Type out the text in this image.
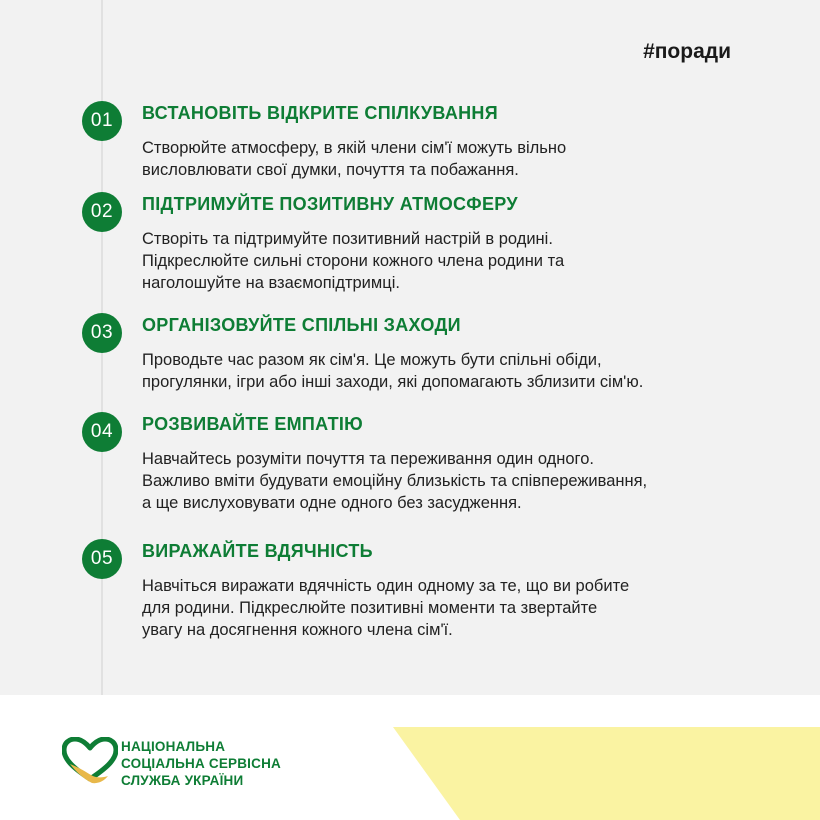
#поради
01	ВСТАНОВІТЬ ВІДКРИТЕ СПІЛКУВАННЯ
Створюйте атмосферу, в якій члени сім'ї можуть вільно
висловлювати свої думки, почуття та побажання.
02	ПІДТРИМУЙТЕ ПОЗИТИВНУ АТМОСФЕРУ
Створіть та підтримуйте позитивний настрій в родині.
Підкреслюйте сильні сторони кожного члена родини та
наголошуйте на взаємопідтримці.
03	ОРГАНІЗОВУЙТЕ СПІЛЬНІ ЗАХОДИ
Проводьте час разом як сім'я. Це можуть бути спільні обіди,
прогулянки, ігри або інші заходи, які допомагають зблизити сім'ю.
04	РОЗВИВАЙТЕ ЕМПАТІЮ
Навчайтесь розуміти почуття та переживання один одного.
Важливо вміти будувати емоційну близькість та співпереживання,
а ще вислуховувати одне одного без засудження.
05	ВИРАЖАЙТЕ ВДЯЧНІСТЬ
Навчіться виражати вдячність один одному за те, що ви робите
для родини. Підкреслюйте позитивні моменти та звертайте
увагу на досягнення кожного члена сім'ї.
НАЦІОНАЛЬНА
СОЦІАЛЬНА СЕРВІСНА
СЛУЖБА УКРАЇНИ
